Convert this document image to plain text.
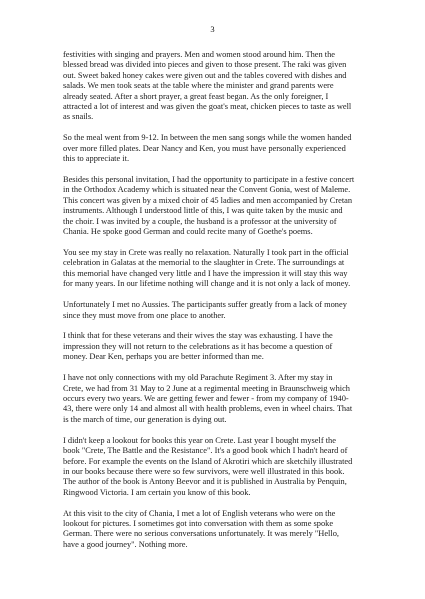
3

festivities with singing and prayers. Men and women stood around him. Then the
blessed bread was divided into pieces and given to those present. The raki was given
out. Sweet baked honey cakes were given out and the tables covered with dishes and
salads. We men took seats at the table where the minister and grand parents were
already seated. After a short prayer, a great feast began. As the only foreigner, I
attracted a lot of interest and was given the goat's meat, chicken pieces to taste as well
as snails.

So the meal went from 9-12. In between the men sang songs while the women handed
over more filled plates. Dear Nancy and Ken, you must have personally experienced
this to appreciate it.

Besides this personal invitation, I had the opportunity to participate in a festive concert
in the Orthodox Academy which is situated near the Convent Gonia, west of Maleme.
This concert was given by a mixed choir of 45 ladies and men accompanied by Cretan
instruments. Although I understood little of this, I was quite taken by the music and
the choir. I was invited by a couple, the husband is a professor at the university of
Chania. He spoke good German and could recite many of Goethe's poems.

You see my stay in Crete was really no relaxation. Naturally I took part in the official
celebration in Galatas at the memorial to the slaughter in Crete. The surroundings at
this memorial have changed very little and I have the impression it will stay this way
for many years. In our lifetime nothing will change and it is not only a lack of money.

Unfortunately I met no Aussies. The participants suffer greatly from a lack of money
since they must move from one place to another.

I think that for these veterans and their wives the stay was exhausting. I have the
impression they will not return to the celebrations as it has become a question of
money. Dear Ken, perhaps you are better informed than me.

I have not only connections with my old Parachute Regiment 3. After my stay in
Crete, we had from 31 May to 2 June at a regimental meeting in Braunschweig which
occurs every two years. We are getting fewer and fewer - from my company of 1940-
43, there were only 14 and almost all with health problems, even in wheel chairs. That
is the march of time, our generation is dying out.

I didn't keep a lookout for books this year on Crete. Last year I bought myself the
book "Crete, The Battle and the Resistance". It's a good book which I hadn't heard of
before. For example the events on the Island of Akrotiri which are sketchily illustrated
in our books because there were so few survivors, were well illustrated in this book.
The author of the book is Antony Beevor and it is published in Australia by Penquin,
Ringwood Victoria. I am certain you know of this book.

At this visit to the city of Chania, I met a lot of English veterans who were on the
lookout for pictures. I sometimes got into conversation with them as some spoke
German. There were no serious conversations unfortunately. It was merely "Hello,
have a good journey". Nothing more.
